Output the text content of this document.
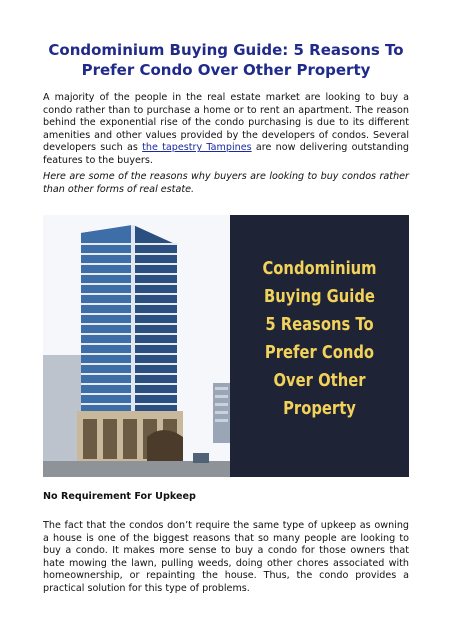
Condominium Buying Guide: 5 Reasons To Prefer Condo Over Other Property
A majority of the people in the real estate market are looking to buy a condo rather than to purchase a home or to rent an apartment. The reason behind the exponential rise of the condo purchasing is due to its different amenities and other values provided by the developers of condos. Several developers such as the tapestry Tampines are now delivering outstanding features to the buyers.
Here are some of the reasons why buyers are looking to buy condos rather than other forms of real estate.
Condominium
Buying Guide
5 Reasons To
Prefer Condo
Over Other
Property
No Requirement For Upkeep
The fact that the condos don’t require the same type of upkeep as owning a house is one of the biggest reasons that so many people are looking to buy a condo. It makes more sense to buy a condo for those owners that hate mowing the lawn, pulling weeds, doing other chores associated with homeownership, or repainting the house. Thus, the condo provides a practical solution for this type of problems.
